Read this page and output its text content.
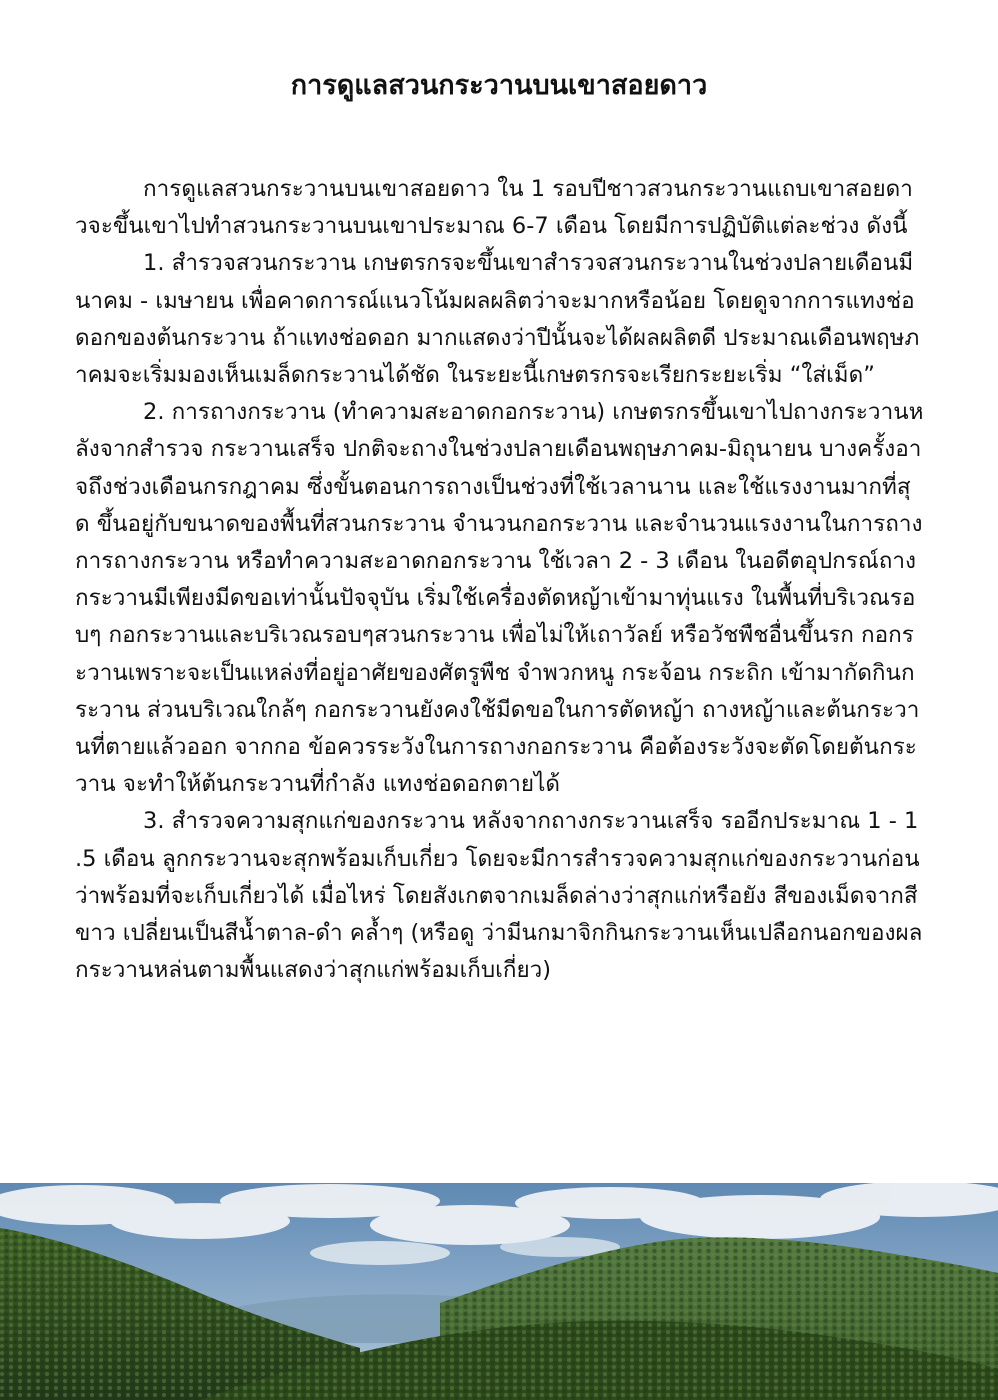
การดูแลสวนกระวานบนเขาสอยดาว

การดูแลสวนกระวานบนเขาสอยดาว ใน 1 รอบปีชาวสวนกระวานแถบเขาสอยดาวจะขึ้นเขาไปทำสวนกระวานบนเขาประมาณ 6-7 เดือน โดยมีการปฏิบัติแต่ละช่วง ดังนี้

1. สำรวจสวนกระวาน เกษตรกรจะขึ้นเขาสำรวจสวนกระวานในช่วงปลายเดือนมีนาคม - เมษายน เพื่อคาดการณ์แนวโน้มผลผลิตว่าจะมากหรือน้อย โดยดูจากการแทงช่อดอกของต้นกระวาน ถ้าแทงช่อดอก มากแสดงว่าปีนั้นจะได้ผลผลิตดี ประมาณเดือนพฤษภาคมจะเริ่มมองเห็นเมล็ดกระวานได้ชัด ในระยะนี้เกษตรกรจะเรียกระยะเริ่ม “ใส่เม็ด”

2. การถางกระวาน (ทำความสะอาดกอกระวาน) เกษตรกรขึ้นเขาไปถางกระวานหลังจากสำรวจ กระวานเสร็จ ปกติจะถางในช่วงปลายเดือนพฤษภาคม-มิถุนายน บางครั้งอาจถึงช่วงเดือนกรกฎาคม ซึ่งขั้นตอนการถางเป็นช่วงที่ใช้เวลานาน และใช้แรงงานมากที่สุด ขึ้นอยู่กับขนาดของพื้นที่สวนกระวาน จำนวนกอกระวาน และจำนวนแรงงานในการถาง การถางกระวาน หรือทำความสะอาดกอกระวาน ใช้เวลา 2 - 3 เดือน ในอดีตอุปกรณ์ถางกระวานมีเพียงมีดขอเท่านั้นปัจจุบัน เริ่มใช้เครื่องตัดหญ้าเข้ามาทุ่นแรง ในพื้นที่บริเวณรอบๆ กอกระวานและบริเวณรอบๆสวนกระวาน เพื่อไม่ให้เถาวัลย์ หรือวัชพืชอื่นขึ้นรก กอกระวานเพราะจะเป็นแหล่งที่อยู่อาศัยของศัตรูพืช จำพวกหนู กระจ้อน กระถิก เข้ามากัดกินกระวาน ส่วนบริเวณใกล้ๆ กอกระวานยังคงใช้มีดขอในการตัดหญ้า ถางหญ้าและต้นกระวานที่ตายแล้วออก จากกอ ข้อควรระวังในการถางกอกระวาน คือต้องระวังจะตัดโดยต้นกระวาน จะทำให้ต้นกระวานที่กำลัง แทงช่อดอกตายได้

3. สำรวจความสุกแก่ของกระวาน หลังจากถางกระวานเสร็จ รออีกประมาณ 1 - 1.5 เดือน ลูกกระวานจะสุกพร้อมเก็บเกี่ยว โดยจะมีการสำรวจความสุกแก่ของกระวานก่อนว่าพร้อมที่จะเก็บเกี่ยวได้ เมื่อไหร่ โดยสังเกตจากเมล็ดล่างว่าสุกแก่หรือยัง สีของเม็ดจากสีขาว เปลี่ยนเป็นสีน้ำตาล-ดำ คล้ำๆ (หรือดู ว่ามีนกมาจิกกินกระวานเห็นเปลือกนอกของผลกระวานหล่นตามพื้นแสดงว่าสุกแก่พร้อมเก็บเกี่ยว)
